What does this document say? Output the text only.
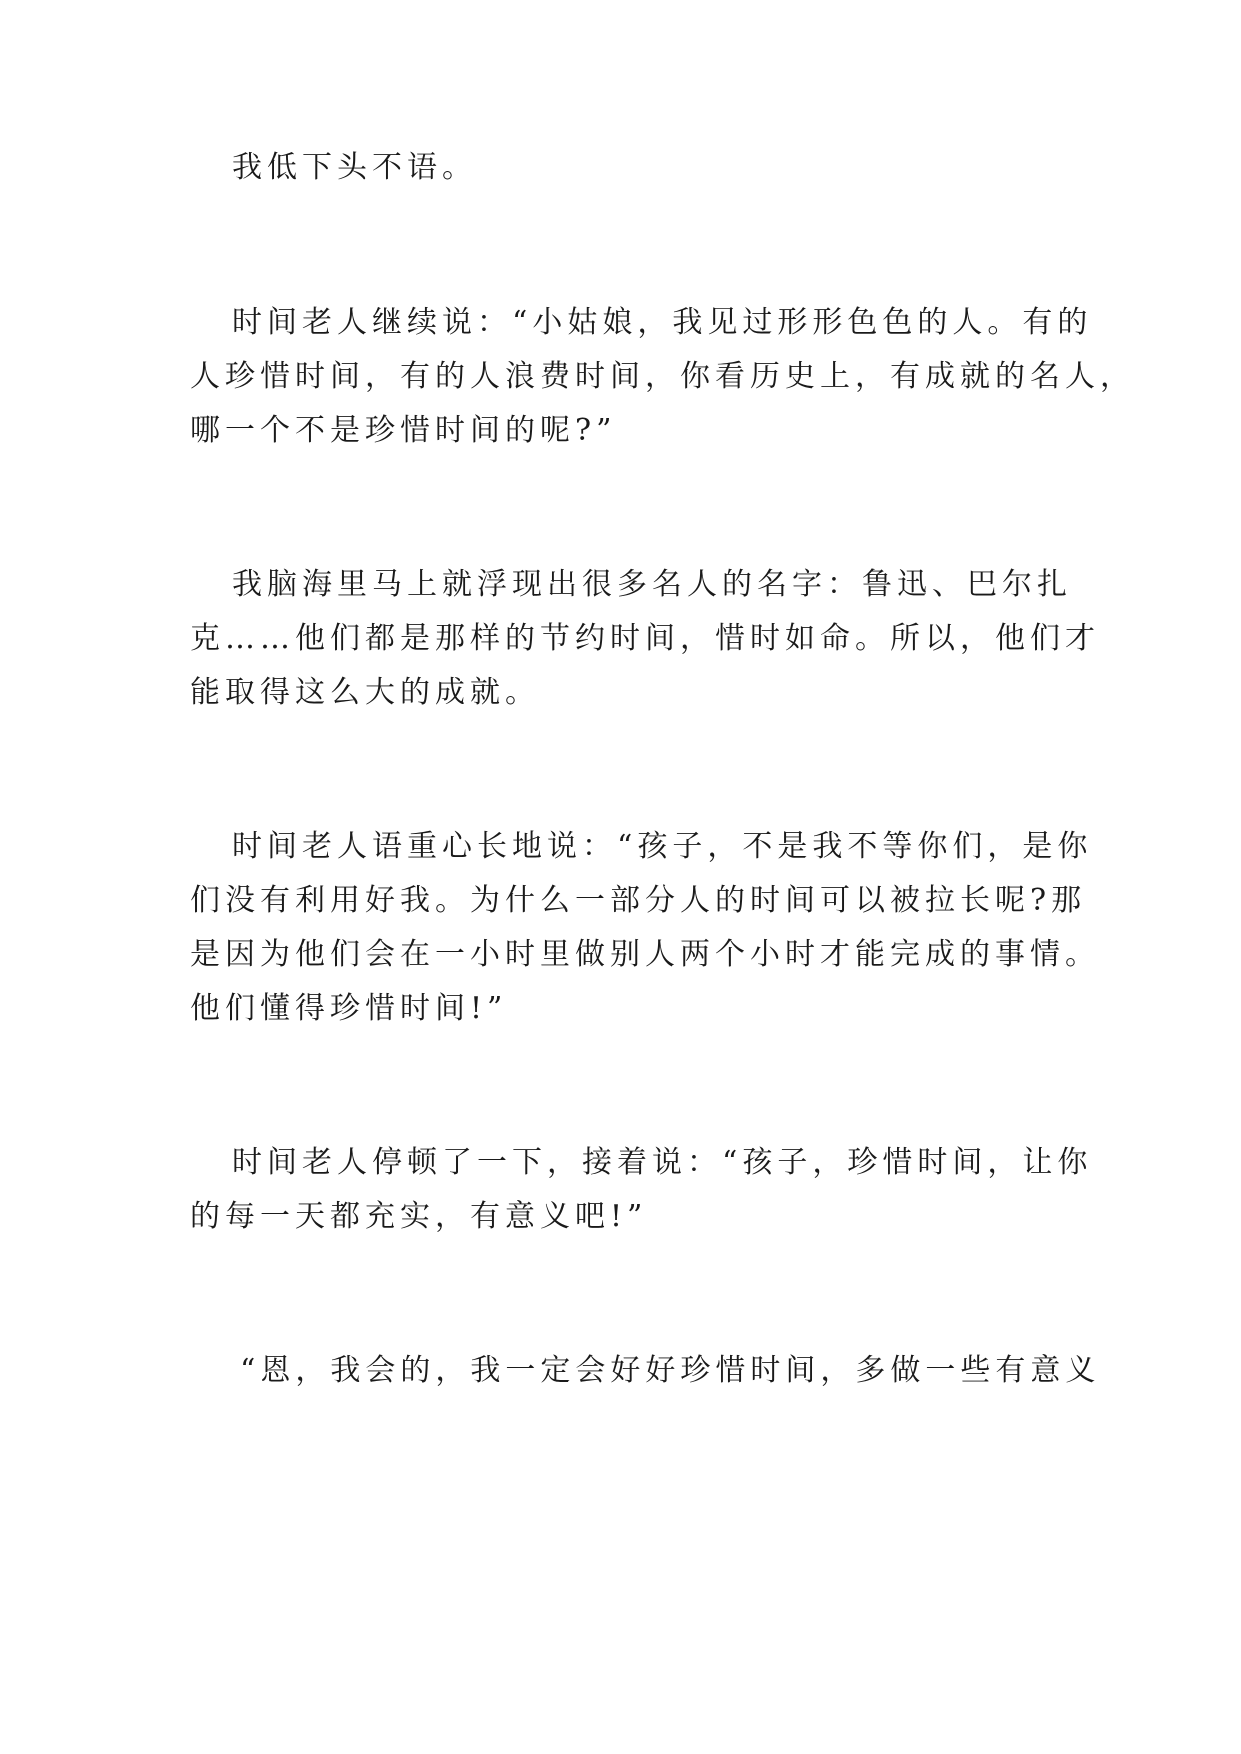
我低下头不语。

时间老人继续说：“小姑娘，我见过形形色色的人。有的

人珍惜时间，有的人浪费时间，你看历史上，有成就的名人，

哪一个不是珍惜时间的呢?”

我脑海里马上就浮现出很多名人的名字：鲁迅、巴尔扎

克……他们都是那样的节约时间，惜时如命。所以，他们才

能取得这么大的成就。

时间老人语重心长地说：“孩子，不是我不等你们，是你

们没有利用好我。为什么一部分人的时间可以被拉长呢?那

是因为他们会在一小时里做别人两个小时才能完成的事情。

他们懂得珍惜时间!”

时间老人停顿了一下，接着说：“孩子，珍惜时间，让你

的每一天都充实，有意义吧!”

“恩，我会的，我一定会好好珍惜时间，多做一些有意义
